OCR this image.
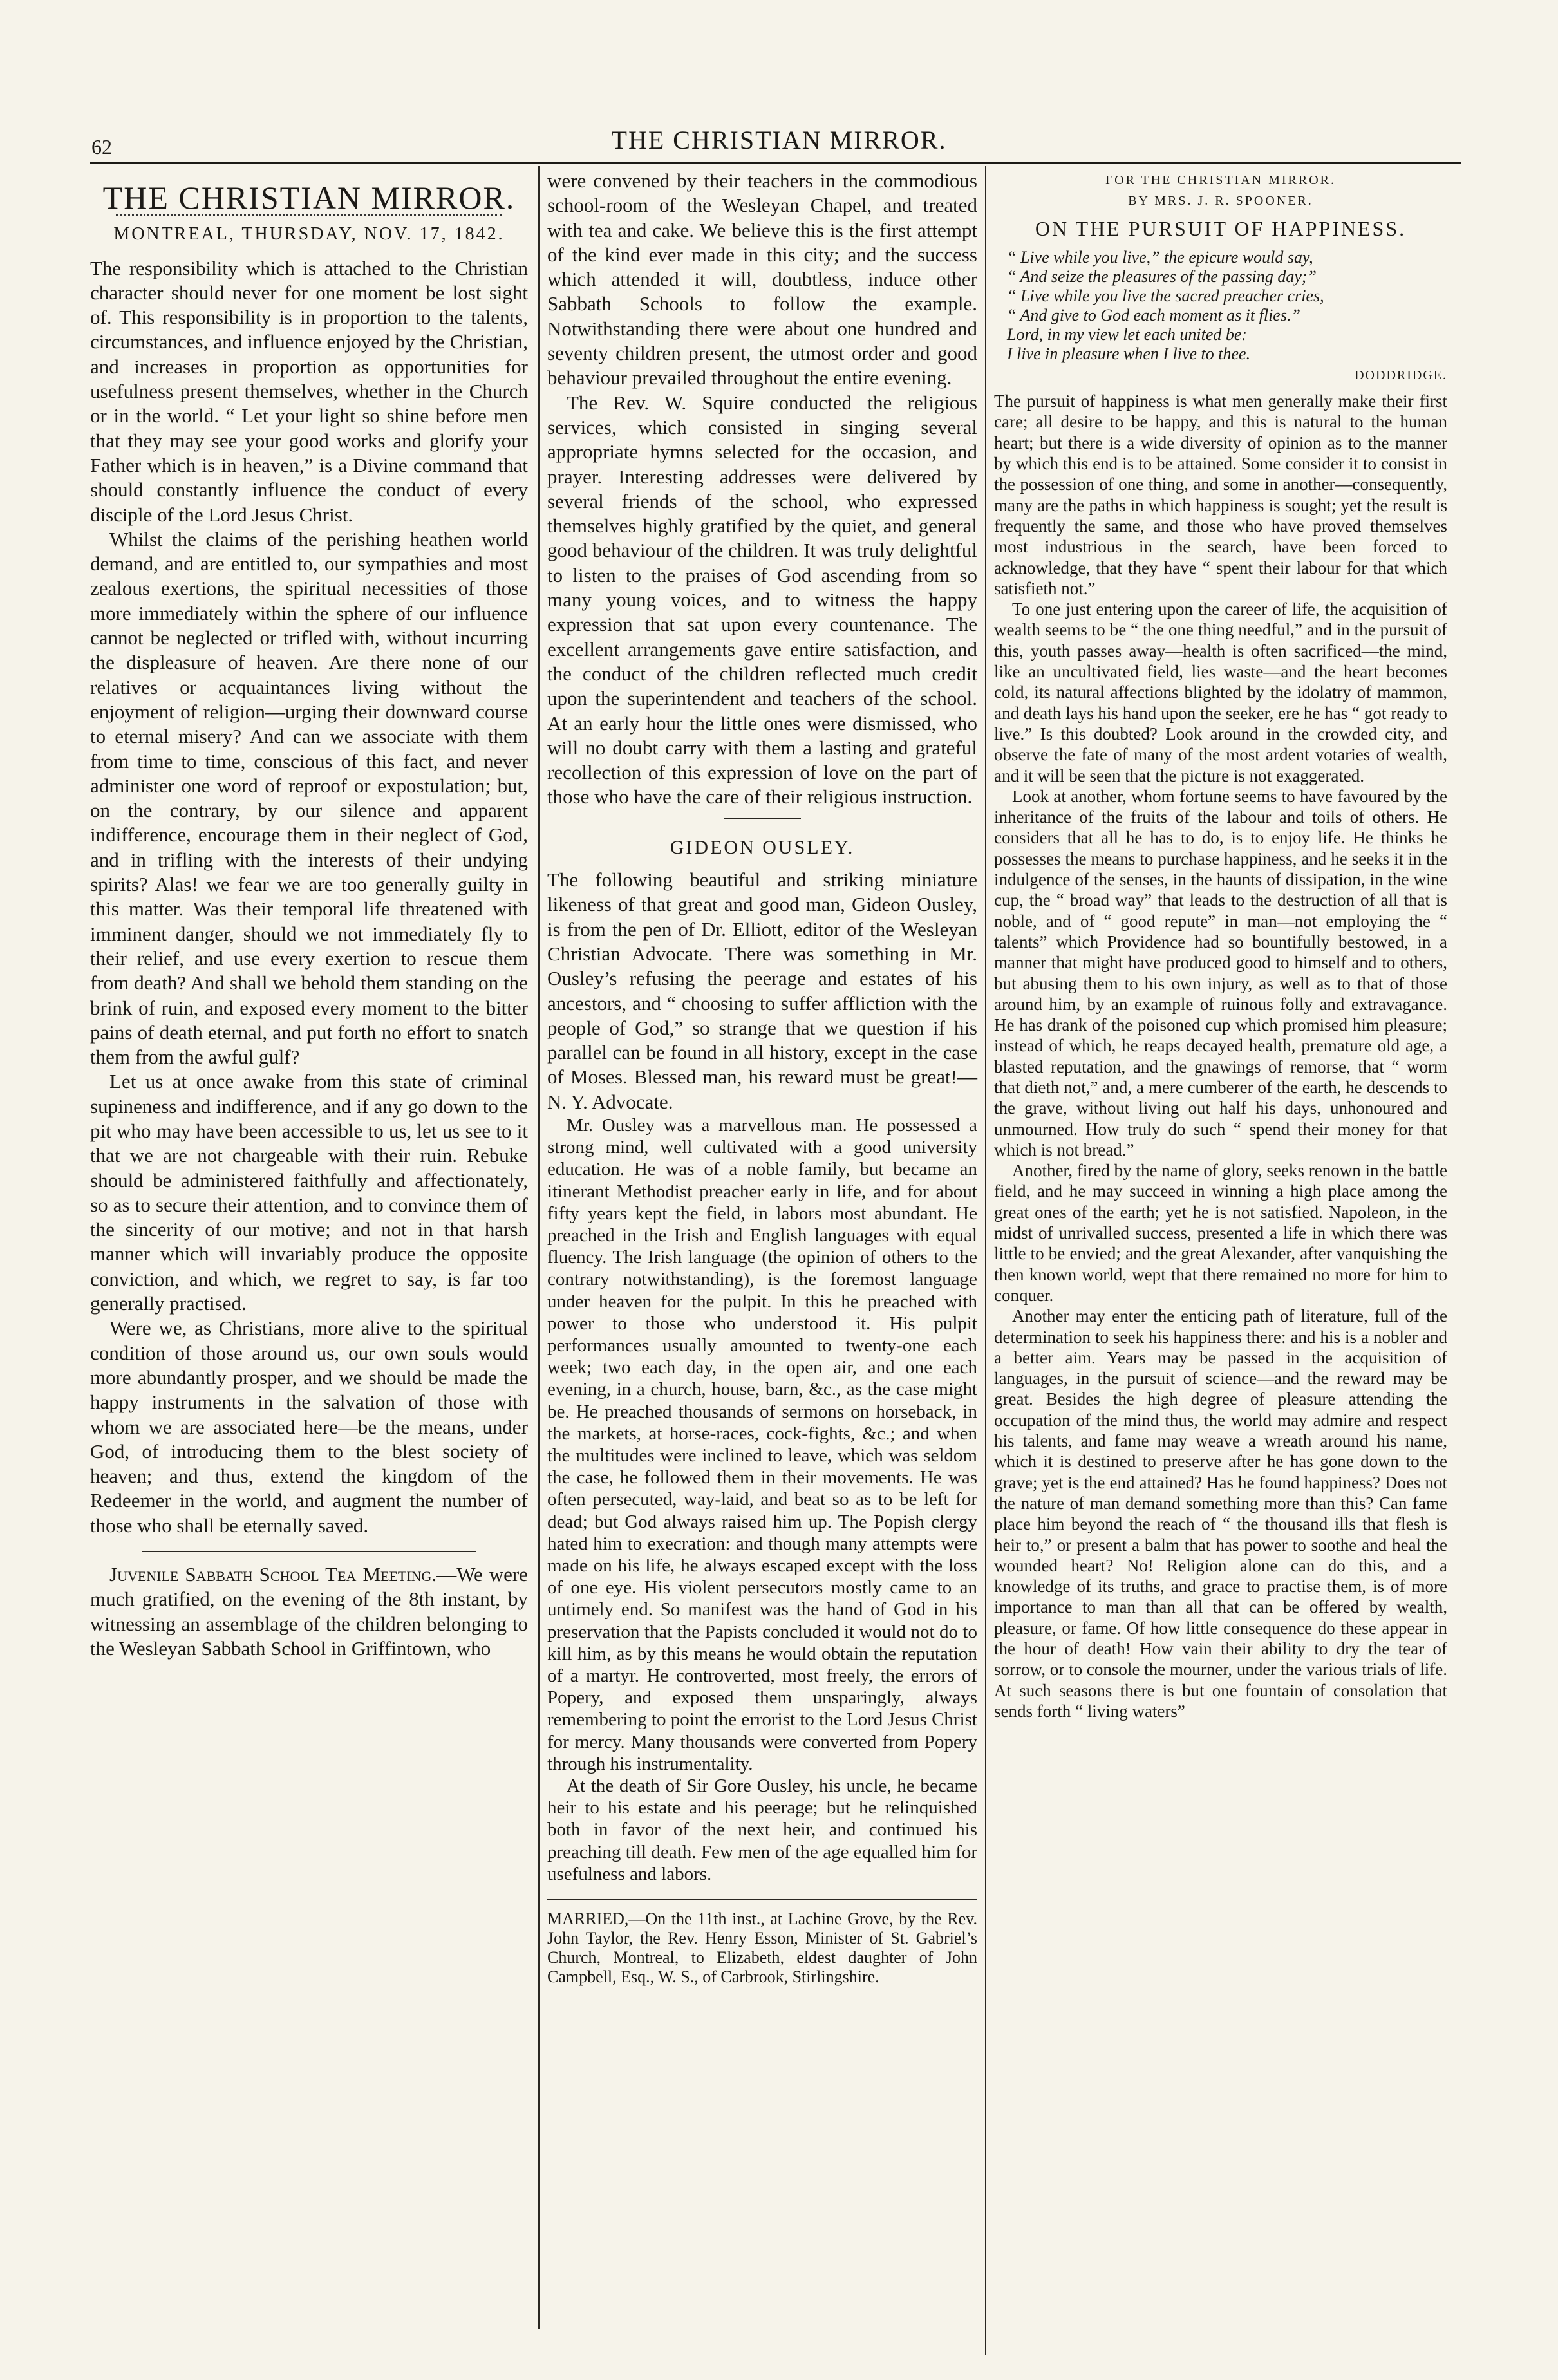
62	THE CHRISTIAN MIRROR.
THE CHRISTIAN MIRROR.
MONTREAL, THURSDAY, NOV. 17, 1842.

The responsibility which is attached to the Christian character should never for one moment be lost sight of. This responsibility is in proportion to the talents, circumstances, and influence enjoyed by the Christian, and increases in proportion as opportunities for usefulness present themselves, whether in the Church or in the world. “ Let your light so shine before men that they may see your good works and glorify your Father which is in heaven,” is a Divine command that should constantly influence the conduct of every disciple of the Lord Jesus Christ.

Whilst the claims of the perishing heathen world demand, and are entitled to, our sympathies and most zealous exertions, the spiritual necessities of those more immediately within the sphere of our influence cannot be neglected or trifled with, without incurring the displeasure of heaven. Are there none of our relatives or acquaintances living without the enjoyment of religion—urging their downward course to eternal misery? And can we associate with them from time to time, conscious of this fact, and never administer one word of reproof or expostulation; but, on the contrary, by our silence and apparent indifference, encourage them in their neglect of God, and in trifling with the interests of their undying spirits? Alas! we fear we are too generally guilty in this matter. Was their temporal life threatened with imminent danger, should we not immediately fly to their relief, and use every exertion to rescue them from death? And shall we behold them standing on the brink of ruin, and exposed every moment to the bitter pains of death eternal, and put forth no effort to snatch them from the awful gulf?

Let us at once awake from this state of criminal supineness and indifference, and if any go down to the pit who may have been accessible to us, let us see to it that we are not chargeable with their ruin. Rebuke should be administered faithfully and affectionately, so as to secure their attention, and to convince them of the sincerity of our motive; and not in that harsh manner which will invariably produce the opposite conviction, and which, we regret to say, is far too generally practised.

Were we, as Christians, more alive to the spiritual condition of those around us, our own souls would more abundantly prosper, and we should be made the happy instruments in the salvation of those with whom we are associated here—be the means, under God, of introducing them to the blest society of heaven; and thus, extend the kingdom of the Redeemer in the world, and augment the number of those who shall be eternally saved.

Juvenile Sabbath School Tea Meeting.—We were much gratified, on the evening of the 8th instant, by witnessing an assemblage of the children belonging to the Wesleyan Sabbath School in Griffintown, who

were convened by their teachers in the commodious school-room of the Wesleyan Chapel, and treated with tea and cake. We believe this is the first attempt of the kind ever made in this city; and the success which attended it will, doubtless, induce other Sabbath Schools to follow the example. Notwithstanding there were about one hundred and seventy children present, the utmost order and good behaviour prevailed throughout the entire evening.

The Rev. W. Squire conducted the religious services, which consisted in singing several appropriate hymns selected for the occasion, and prayer. Interesting addresses were delivered by several friends of the school, who expressed themselves highly gratified by the quiet, and general good behaviour of the children. It was truly delightful to listen to the praises of God ascending from so many young voices, and to witness the happy expression that sat upon every countenance. The excellent arrangements gave entire satisfaction, and the conduct of the children reflected much credit upon the superintendent and teachers of the school. At an early hour the little ones were dismissed, who will no doubt carry with them a lasting and grateful recollection of this expression of love on the part of those who have the care of their religious instruction.

GIDEON OUSLEY.

The following beautiful and striking miniature likeness of that great and good man, Gideon Ousley, is from the pen of Dr. Elliott, editor of the Wesleyan Christian Advocate. There was something in Mr. Ousley’s refusing the peerage and estates of his ancestors, and “ choosing to suffer affliction with the people of God,” so strange that we question if his parallel can be found in all history, except in the case of Moses. Blessed man, his reward must be great!—N. Y. Advocate.

Mr. Ousley was a marvellous man. He possessed a strong mind, well cultivated with a good university education. He was of a noble family, but became an itinerant Methodist preacher early in life, and for about fifty years kept the field, in labors most abundant. He preached in the Irish and English languages with equal fluency. The Irish language (the opinion of others to the contrary notwithstanding), is the foremost language under heaven for the pulpit. In this he preached with power to those who understood it. His pulpit performances usually amounted to twenty-one each week; two each day, in the open air, and one each evening, in a church, house, barn, &c., as the case might be. He preached thousands of sermons on horseback, in the markets, at horse-races, cock-fights, &c.; and when the multitudes were inclined to leave, which was seldom the case, he followed them in their movements. He was often persecuted, way-laid, and beat so as to be left for dead; but God always raised him up. The Popish clergy hated him to execration: and though many attempts were made on his life, he always escaped except with the loss of one eye. His violent persecutors mostly came to an untimely end. So manifest was the hand of God in his preservation that the Papists concluded it would not do to kill him, as by this means he would obtain the reputation of a martyr. He controverted, most freely, the errors of Popery, and exposed them unsparingly, always remembering to point the errorist to the Lord Jesus Christ for mercy. Many thousands were converted from Popery through his instrumentality.

At the death of Sir Gore Ousley, his uncle, he became heir to his estate and his peerage; but he relinquished both in favor of the next heir, and continued his preaching till death. Few men of the age equalled him for usefulness and labors.

MARRIED,—On the 11th inst., at Lachine Grove, by the Rev. John Taylor, the Rev. Henry Esson, Minister of St. Gabriel’s Church, Montreal, to Elizabeth, eldest daughter of John Campbell, Esq., W. S., of Carbrook, Stirlingshire.

FOR THE CHRISTIAN MIRROR.
BY MRS. J. R. SPOONER.
ON THE PURSUIT OF HAPPINESS.
“ Live while you live,” the epicure would say,
“ And seize the pleasures of the passing day;”
“ Live while you live the sacred preacher cries,
“ And give to God each moment as it flies.”
Lord, in my view let each united be:
I live in pleasure when I live to thee.
DODDRIDGE.

The pursuit of happiness is what men generally make their first care; all desire to be happy, and this is natural to the human heart; but there is a wide diversity of opinion as to the manner by which this end is to be attained. Some consider it to consist in the possession of one thing, and some in another—consequently, many are the paths in which happiness is sought; yet the result is frequently the same, and those who have proved themselves most industrious in the search, have been forced to acknowledge, that they have “ spent their labour for that which satisfieth not.”

To one just entering upon the career of life, the acquisition of wealth seems to be “ the one thing needful,” and in the pursuit of this, youth passes away—health is often sacrificed—the mind, like an uncultivated field, lies waste—and the heart becomes cold, its natural affections blighted by the idolatry of mammon, and death lays his hand upon the seeker, ere he has “ got ready to live.” Is this doubted? Look around in the crowded city, and observe the fate of many of the most ardent votaries of wealth, and it will be seen that the picture is not exaggerated.

Look at another, whom fortune seems to have favoured by the inheritance of the fruits of the labour and toils of others. He considers that all he has to do, is to enjoy life. He thinks he possesses the means to purchase happiness, and he seeks it in the indulgence of the senses, in the haunts of dissipation, in the wine cup, the “ broad way” that leads to the destruction of all that is noble, and of “ good repute” in man—not employing the “ talents” which Providence had so bountifully bestowed, in a manner that might have produced good to himself and to others, but abusing them to his own injury, as well as to that of those around him, by an example of ruinous folly and extravagance. He has drank of the poisoned cup which promised him pleasure; instead of which, he reaps decayed health, premature old age, a blasted reputation, and the gnawings of remorse, that “ worm that dieth not,” and, a mere cumberer of the earth, he descends to the grave, without living out half his days, unhonoured and unmourned. How truly do such “ spend their money for that which is not bread.”

Another, fired by the name of glory, seeks renown in the battle field, and he may succeed in winning a high place among the great ones of the earth; yet he is not satisfied. Napoleon, in the midst of unrivalled success, presented a life in which there was little to be envied; and the great Alexander, after vanquishing the then known world, wept that there remained no more for him to conquer.

Another may enter the enticing path of literature, full of the determination to seek his happiness there: and his is a nobler and a better aim. Years may be passed in the acquisition of languages, in the pursuit of science—and the reward may be great. Besides the high degree of pleasure attending the occupation of the mind thus, the world may admire and respect his talents, and fame may weave a wreath around his name, which it is destined to preserve after he has gone down to the grave; yet is the end attained? Has he found happiness? Does not the nature of man demand something more than this? Can fame place him beyond the reach of “ the thousand ills that flesh is heir to,” or present a balm that has power to soothe and heal the wounded heart? No! Religion alone can do this, and a knowledge of its truths, and grace to practise them, is of more importance to man than all that can be offered by wealth, pleasure, or fame. Of how little consequence do these appear in the hour of death! How vain their ability to dry the tear of sorrow, or to console the mourner, under the various trials of life. At such seasons there is but one fountain of consolation that sends forth “ living waters”
